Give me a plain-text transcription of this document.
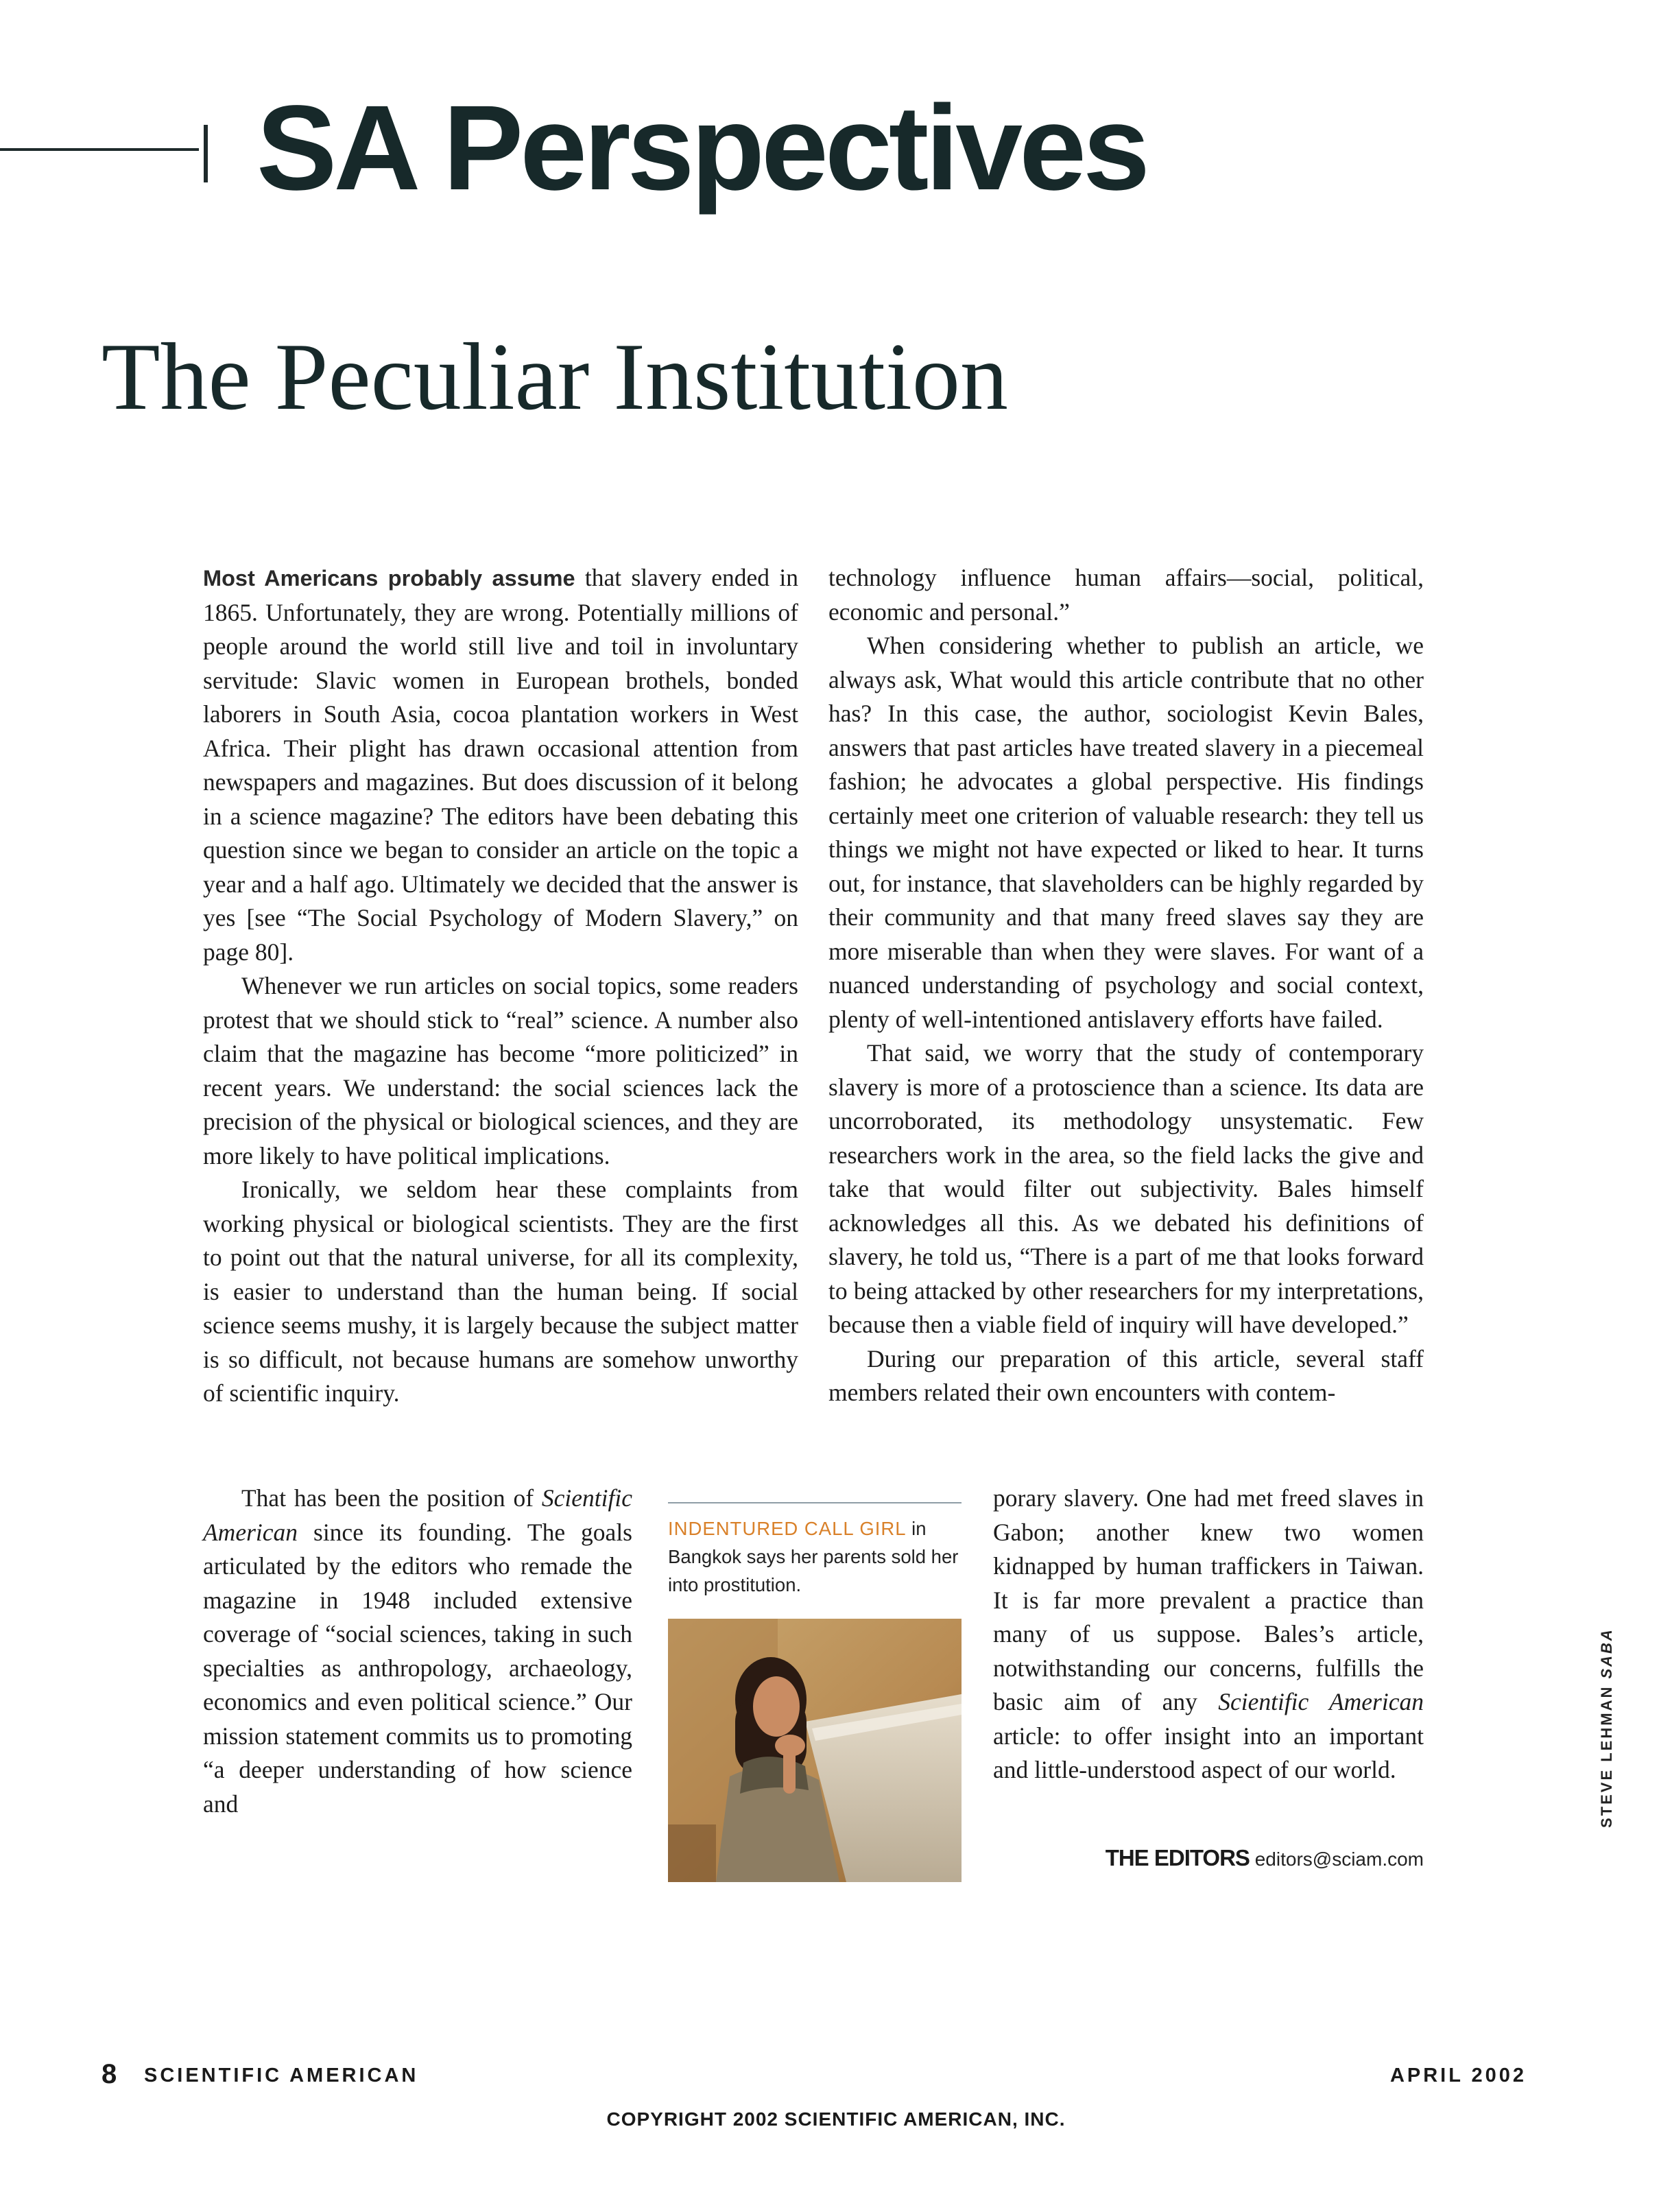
SA Perspectives
The Peculiar Institution

Most Americans probably assume that slavery ended in 1865. Unfortunately, they are wrong. Potentially millions of people around the world still live and toil in involuntary servitude: Slavic women in European brothels, bonded laborers in South Asia, cocoa plantation workers in West Africa. Their plight has drawn occasional attention from newspapers and magazines. But does discussion of it belong in a science magazine? The editors have been debating this question since we began to consider an article on the topic a year and a half ago. Ultimately we decided that the answer is yes [see “The Social Psychology of Modern Slavery,” on page 80].

Whenever we run articles on social topics, some readers protest that we should stick to “real” science. A number also claim that the magazine has become “more politicized” in recent years. We understand: the social sciences lack the precision of the physical or biological sciences, and they are more likely to have political implications.

Ironically, we seldom hear these complaints from working physical or biological scientists. They are the first to point out that the natural universe, for all its complexity, is easier to understand than the human being. If social science seems mushy, it is largely because the subject matter is so difficult, not because humans are somehow unworthy of scientific inquiry.

That has been the position of Scientific American since its founding. The goals articulated by the editors who remade the magazine in 1948 included extensive coverage of “social sciences, taking in such specialties as anthropology, archaeology, economics and even political science.” Our mission statement commits us to promoting “a deeper understanding of how science and

technology influence human affairs—social, political, economic and personal.”

When considering whether to publish an article, we always ask, What would this article contribute that no other has? In this case, the author, sociologist Kevin Bales, answers that past articles have treated slavery in a piecemeal fashion; he advocates a global perspective. His findings certainly meet one criterion of valuable research: they tell us things we might not have expected or liked to hear. It turns out, for instance, that slaveholders can be highly regarded by their community and that many freed slaves say they are more miserable than when they were slaves. For want of a nuanced understanding of psychology and social context, plenty of well-intentioned antislavery efforts have failed.

That said, we worry that the study of contemporary slavery is more of a protoscience than a science. Its data are uncorroborated, its methodology unsystematic. Few researchers work in the area, so the field lacks the give and take that would filter out subjectivity. Bales himself acknowledges all this. As we debated his definitions of slavery, he told us, “There is a part of me that looks forward to being attacked by other researchers for my interpretations, because then a viable field of inquiry will have developed.”

During our preparation of this article, several staff members related their own encounters with contem-

porary slavery. One had met freed slaves in Gabon; another knew two women kidnapped by human traffickers in Taiwan. It is far more prevalent a practice than many of us suppose. Bales’s article, notwithstanding our concerns, fulfills the basic aim of any Scientific American article: to offer insight into an important and little-understood aspect of our world.

INDENTURED CALL GIRL in Bangkok says her parents sold her into prostitution.
STEVE LEHMAN SABA
THE EDITORS editors@sciam.com
8 SCIENTIFIC AMERICAN	APRIL 2002
COPYRIGHT 2002 SCIENTIFIC AMERICAN, INC.
